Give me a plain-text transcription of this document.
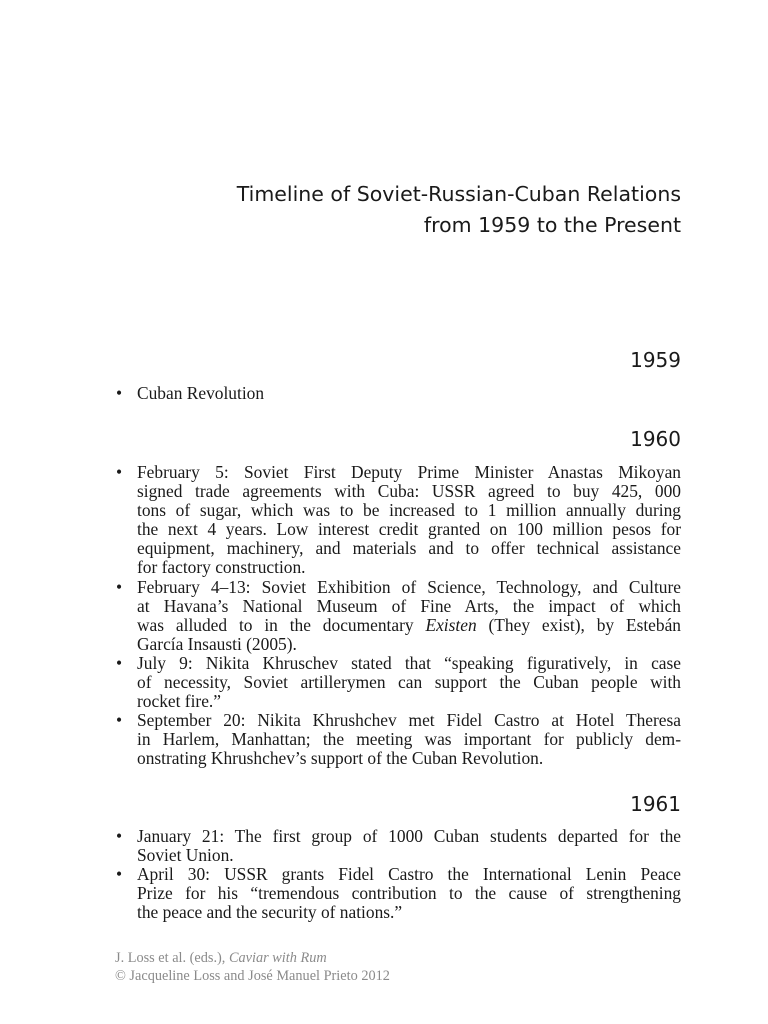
Timeline of Soviet-Russian-Cuban Relations
from 1959 to the Present
1959
• Cuban Revolution
1960
• February 5: Soviet First Deputy Prime Minister Anastas Mikoyan
signed trade agreements with Cuba: USSR agreed to buy 425, 000
tons of sugar, which was to be increased to 1 million annually during
the next 4 years. Low interest credit granted on 100 million pesos for
equipment, machinery, and materials and to offer technical assistance
for factory construction.
• February 4–13: Soviet Exhibition of Science, Technology, and Culture
at Havana’s National Museum of Fine Arts, the impact of which
was alluded to in the documentary Existen (They exist), by Estebán
García Insausti (2005).
• July 9: Nikita Khruschev stated that “speaking figuratively, in case
of necessity, Soviet artillerymen can support the Cuban people with
rocket fire.”
• September 20: Nikita Khrushchev met Fidel Castro at Hotel Theresa
in Harlem, Manhattan; the meeting was important for publicly dem-
onstrating Khrushchev’s support of the Cuban Revolution.
1961
• January 21: The first group of 1000 Cuban students departed for the
Soviet Union.
• April 30: USSR grants Fidel Castro the International Lenin Peace
Prize for his “tremendous contribution to the cause of strengthening
the peace and the security of nations.”
J. Loss et al. (eds.), Caviar with Rum
© Jacqueline Loss and José Manuel Prieto 2012
